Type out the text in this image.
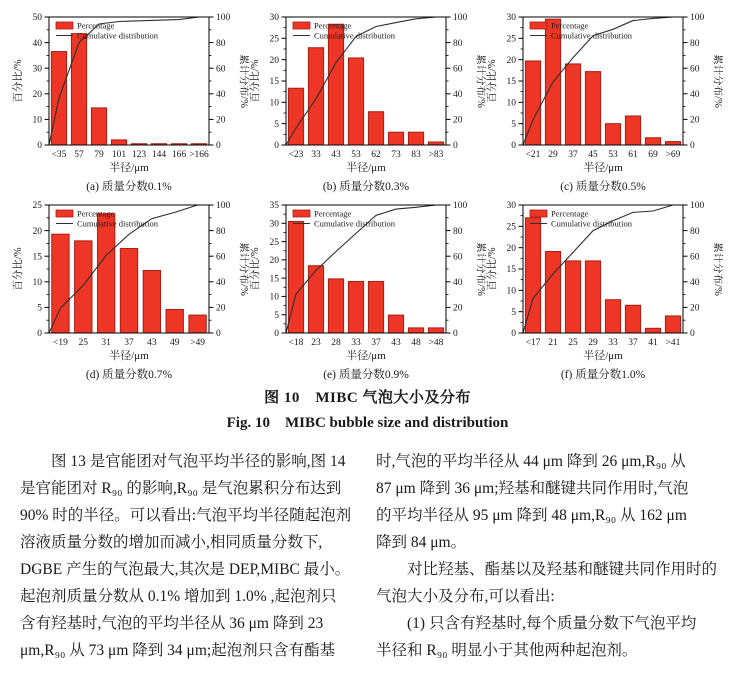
0
10
20
30
40
50
0
20
40
60
80
100
<35 57 79 101 123 144 166 >166
半径/μm
百分比/%	累计分布/%
(a) 质量分数0.1%
Percentage
Cumulative distribution
0
5
10
15
20
25
30
0
20
40
60
80
100
<23 33 43 53 62 73 83 >83
半径/μm
百分比/%	累计分布/%
(b) 质量分数0.3%
Percentage
Cumulative distribution
0
5
10
15
20
25
30
0
20
40
60
80
100
<21 29 37 45 53 61 69 >69
半径/μm
百分比/%	累计分布/%
(c) 质量分数0.5%
Percentage
Cumulative distribution
0
5
10
15
20
25
0
20
40
60
80
100
<19 25 31 37 43 49 >49
半径/μm
百分比/%	累计分布/%
(d) 质量分数0.7%
Percentage
Cumulative distribution
0
5
10
15
20
25
30
35
0
20
40
60
80
100
<18 23 28 33 37 43 48 >48
半径/μm
百分比/%	累计分布/%
(e) 质量分数0.9%
Percentage
Cumulative distribution
0
5
10
15
20
25
30
0
20
40
60
80
100
<17 21 25 29 33 37 41 >41
半径/μm
百分比/%	累计分布/%
(f) 质量分数1.0%
Percentage
Cumulative distribution
图 10　MIBC 气泡大小及分布
Fig. 10　MIBC bubble size and distribution
图 13 是官能团对气泡平均半径的影响,图 14
是官能团对 R₉₀ 的影响,R₉₀ 是气泡累积分布达到
90% 时的半径。可以看出:气泡平均半径随起泡剂
溶液质量分数的增加而减小,相同质量分数下,
DGBE 产生的气泡最大,其次是 DEP,MIBC 最小。
起泡剂质量分数从 0.1% 增加到 1.0% ,起泡剂只
含有羟基时,气泡的平均半径从 36 μm 降到 23
μm,R₉₀ 从 73 μm 降到 34 μm;起泡剂只含有酯基
时,气泡的平均半径从 44 μm 降到 26 μm,R₉₀ 从
87 μm 降到 36 μm;羟基和醚键共同作用时,气泡
的平均半径从 95 μm 降到 48 μm,R₉₀ 从 162 μm
降到 84 μm。
对比羟基、酯基以及羟基和醚键共同作用时的
气泡大小及分布,可以看出:
(1) 只含有羟基时,每个质量分数下气泡平均
半径和 R₉₀ 明显小于其他两种起泡剂。
